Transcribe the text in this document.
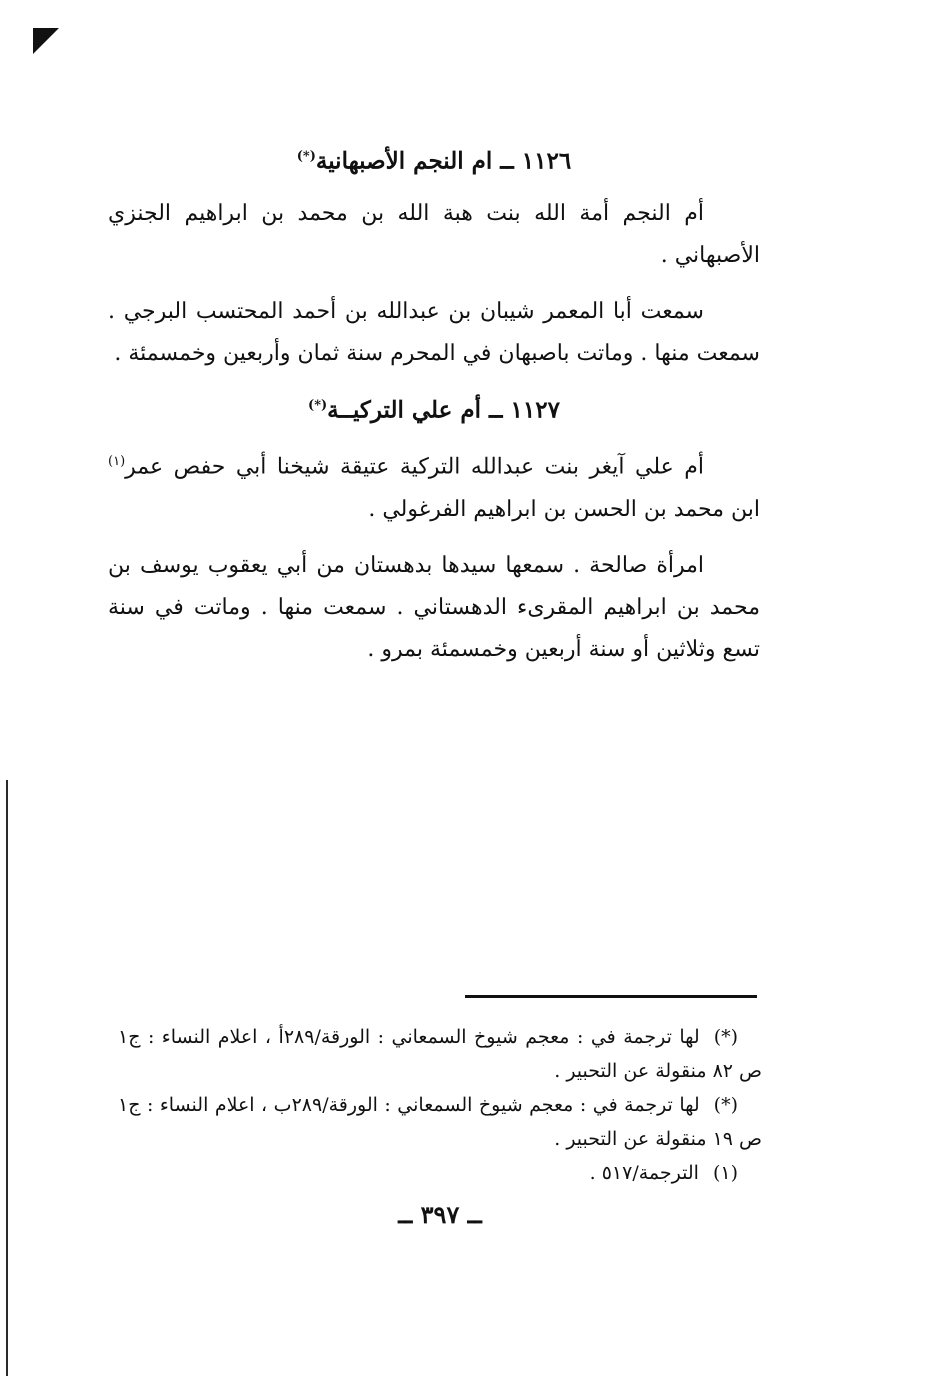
١١٢٦ ــ ام النجم الأصبهانية(*)

أم النجم أمة الله بنت هبة الله بن محمد بن ابراهيم الجنزي الأصبهاني .

سمعت أبا المعمر شيبان بن عبدالله بن أحمد المحتسب البرجي . سمعت منها . وماتت باصبهان في المحرم سنة ثمان وأربعين وخمسمئة .

١١٢٧ ــ أم علي التركيــة(*)

أم علي آيغر بنت عبدالله التركية عتيقة شيخنا أبي حفص عمر$^{(١)}$ ابن محمد بن الحسن بن ابراهيم الفرغولي .

امرأة صالحة . سمعها سيدها بدهستان من أبي يعقوب يوسف بن محمد بن ابراهيم المقرىء الدهستاني . سمعت منها . وماتت في سنة تسع وثلاثين أو سنة أربعين وخمسمئة بمرو .

(*)لها ترجمة في : معجم شيوخ السمعاني : الورقة/٢٨٩أ ، اعلام النساء : ج١ ص ٨٢ منقولة عن التحبير .

(*)لها ترجمة في : معجم شيوخ السمعاني : الورقة/٢٨٩ب ، اعلام النساء : ج١ ص ١٩ منقولة عن التحبير .

(١)الترجمة/٥١٧ .

ــ ٣٩٧ ــ
